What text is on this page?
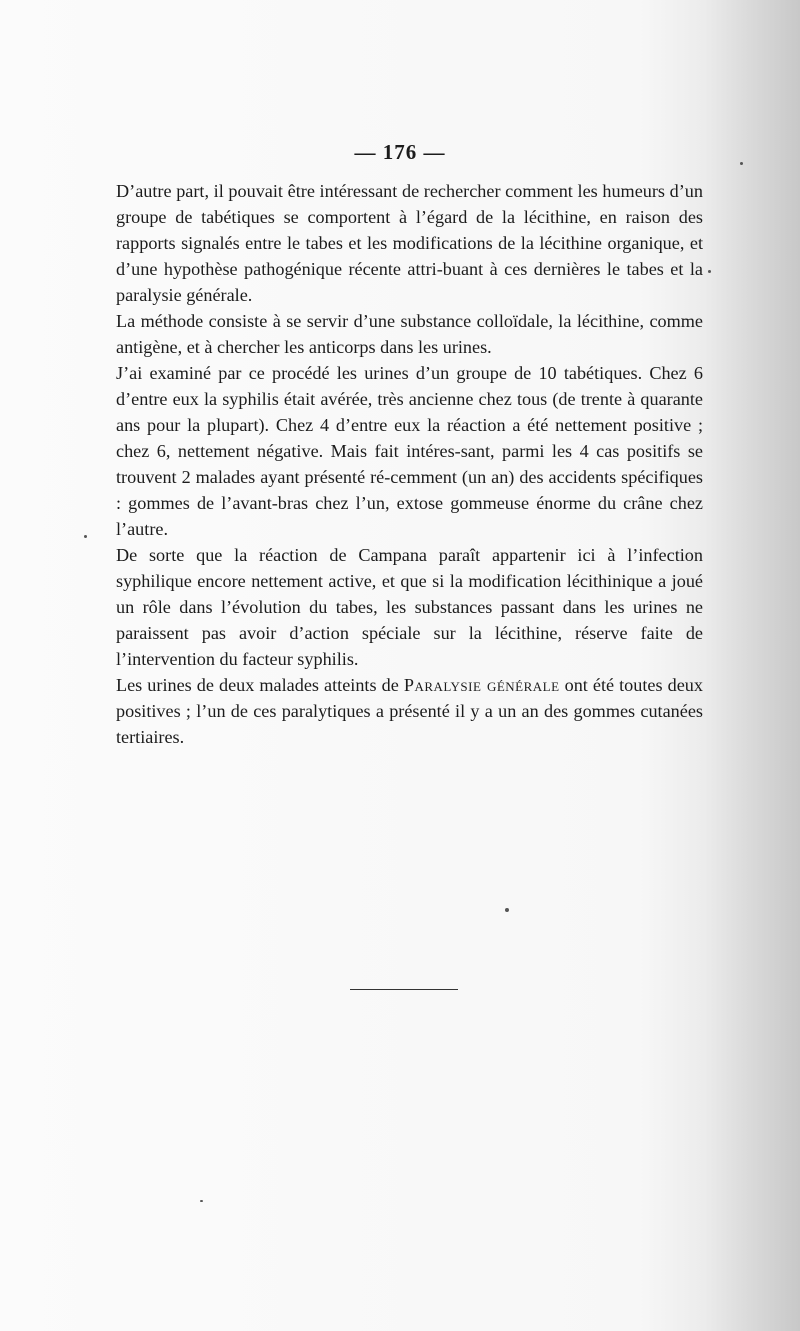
— 176 —

D’autre part, il pouvait être intéressant de rechercher comment les humeurs d’un groupe de tabétiques se comportent à l’égard de la lécithine, en raison des rapports signalés entre le tabes et les modifications de la lécithine organique, et d’une hypothèse pathogénique récente attri-buant à ces dernières le tabes et la paralysie générale.

La méthode consiste à se servir d’une substance colloïdale, la lécithine, comme antigène, et à chercher les anticorps dans les urines.

J’ai examiné par ce procédé les urines d’un groupe de 10 tabétiques. Chez 6 d’entre eux la syphilis était avérée, très ancienne chez tous (de trente à quarante ans pour la plupart). Chez 4 d’entre eux la réaction a été nettement positive ; chez 6, nettement négative. Mais fait intéres-sant, parmi les 4 cas positifs se trouvent 2 malades ayant présenté ré-cemment (un an) des accidents spécifiques : gommes de l’avant-bras chez l’un, extose gommeuse énorme du crâne chez l’autre.

De sorte que la réaction de Campana paraît appartenir ici à l’infection syphilique encore nettement active, et que si la modification lécithinique a joué un rôle dans l’évolution du tabes, les substances passant dans les urines ne paraissent pas avoir d’action spéciale sur la lécithine, réserve faite de l’intervention du facteur syphilis.

Les urines de deux malades atteints de Paralysie générale ont été toutes deux positives ; l’un de ces paralytiques a présenté il y a un an des gommes cutanées tertiaires.
